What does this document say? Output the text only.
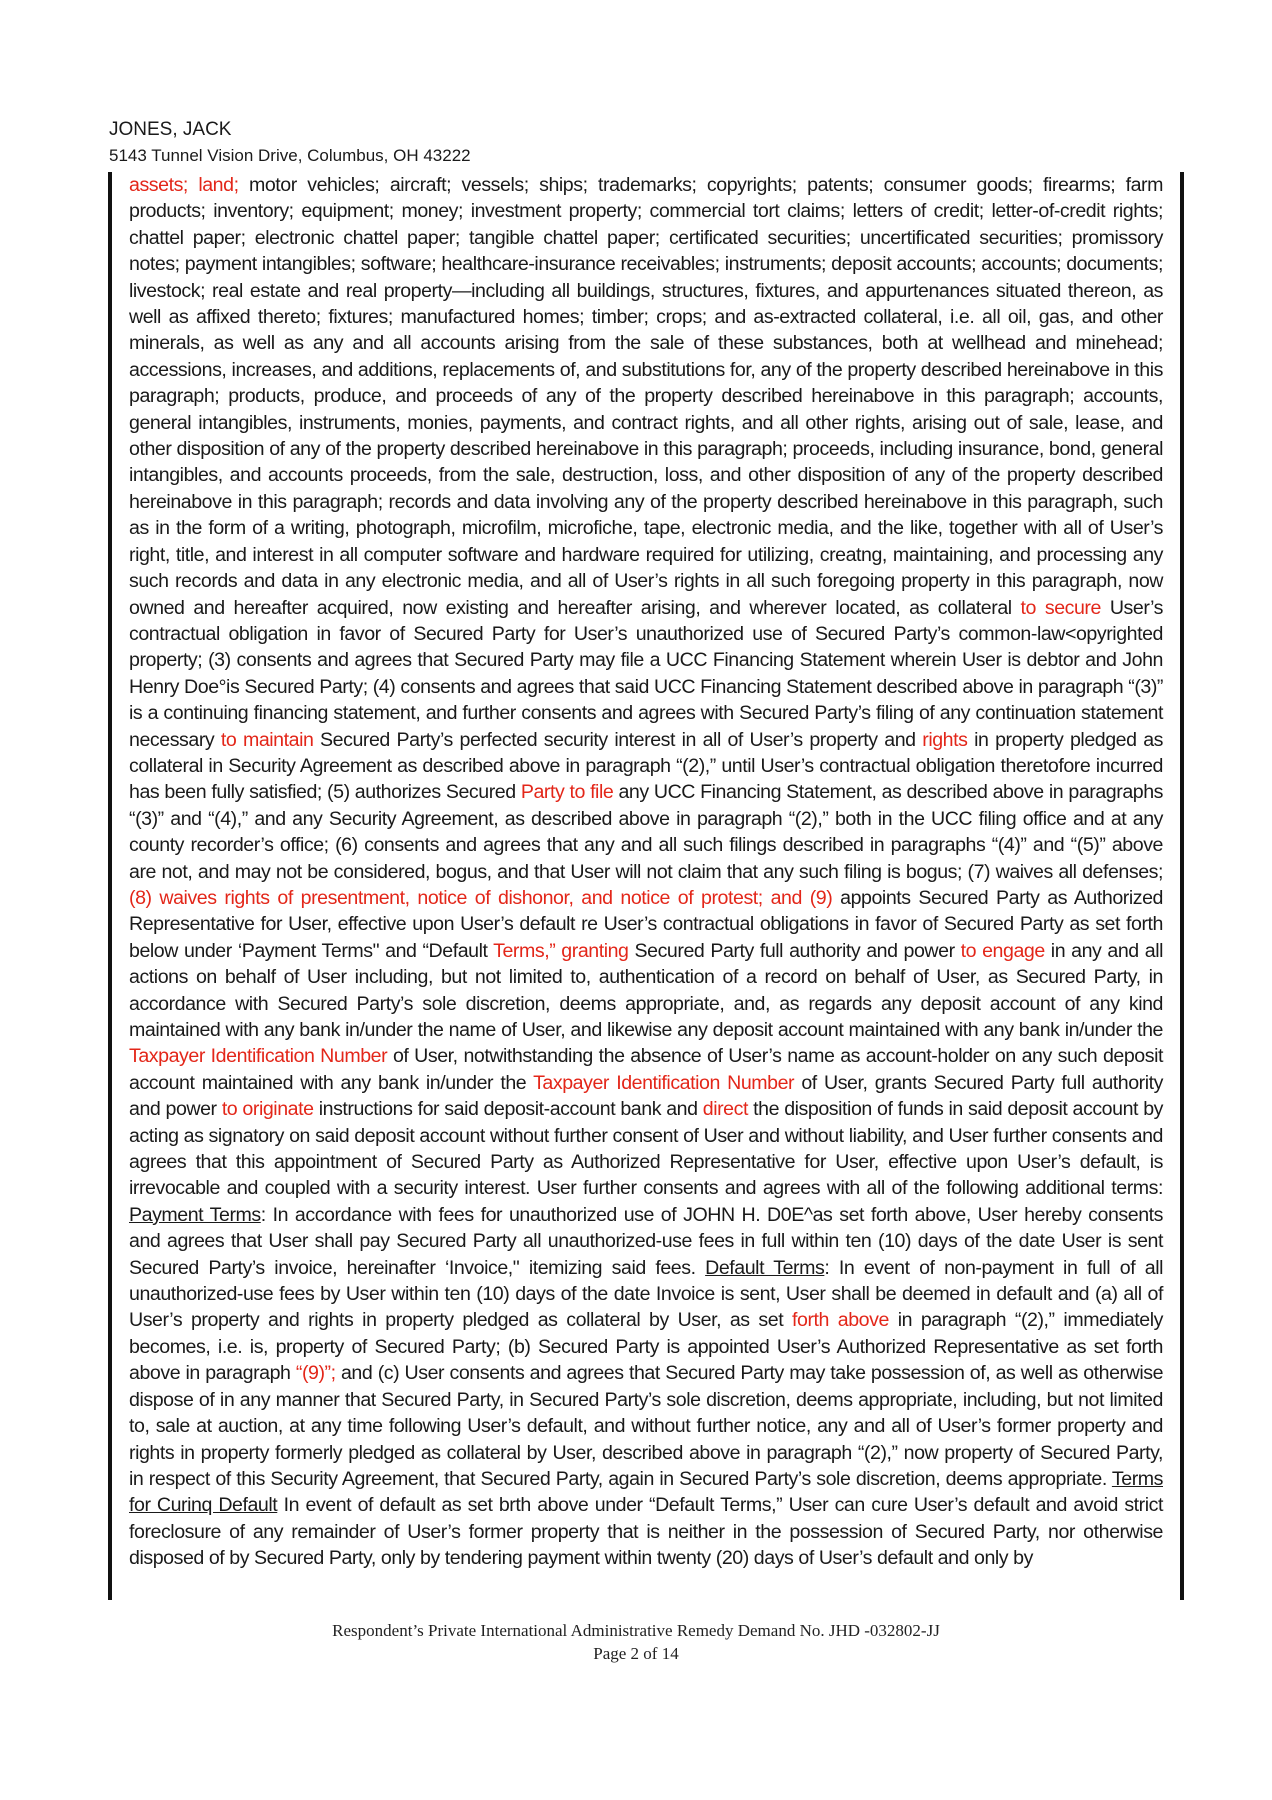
JONES, JACK
5143 Tunnel Vision Drive, Columbus, OH 43222
assets; land; motor vehicles; aircraft; vessels; ships; trademarks; copyrights; patents; consumer goods; firearms; farm products; inventory; equipment; money; investment property; commercial tort claims; letters of credit; letter-of-credit rights; chattel paper; electronic chattel paper; tangible chattel paper; certificated securities; uncertificated securities; promissory notes; payment intangibles; software; healthcare-insurance receivables; instruments; deposit accounts; accounts; documents; livestock; real estate and real property—including all buildings, structures, fixtures, and appurtenances situated thereon, as well as affixed thereto; fixtures; manufactured homes; timber; crops; and as-extracted collateral, i.e. all oil, gas, and other minerals, as well as any and all accounts arising from the sale of these substances, both at wellhead and minehead; accessions, increases, and additions, replacements of, and substitutions for, any of the property described hereinabove in this paragraph; products, produce, and proceeds of any of the property described hereinabove in this paragraph; accounts, general intangibles, instruments, monies, payments, and contract rights, and all other rights, arising out of sale, lease, and other disposition of any of the property described hereinabove in this paragraph; proceeds, including insurance, bond, general intangibles, and accounts proceeds, from the sale, destruction, loss, and other disposition of any of the property described hereinabove in this paragraph; records and data involving any of the property described hereinabove in this paragraph, such as in the form of a writing, photograph, microfilm, microfiche, tape, electronic media, and the like, together with all of User’s right, title, and interest in all computer software and hardware required for utilizing, creatng, maintaining, and processing any such records and data in any electronic media, and all of User’s rights in all such foregoing property in this paragraph, now owned and hereafter acquired, now existing and hereafter arising, and wherever located, as collateral to secure User’s contractual obligation in favor of Secured Party for User’s unauthorized use of Secured Party’s common-law<opyrighted property; (3) consents and agrees that Secured Party may file a UCC Financing Statement wherein User is debtor and John Henry Doe°is Secured Party; (4) consents and agrees that said UCC Financing Statement described above in paragraph “(3)” is a continuing financing statement, and further consents and agrees with Secured Party’s filing of any continuation statement necessary to maintain Secured Party’s perfected security interest in all of User’s property and rights in property pledged as collateral in Security Agreement as described above in paragraph “(2),” until User’s contractual obligation theretofore incurred has been fully satisfied; (5) authorizes Secured Party to file any UCC Financing Statement, as described above in paragraphs “(3)” and “(4),” and any Security Agreement, as described above in paragraph “(2),” both in the UCC filing office and at any county recorder’s office; (6) consents and agrees that any and all such filings described in paragraphs “(4)” and “(5)” above are not, and may not be considered, bogus, and that User will not claim that any such filing is bogus; (7) waives all defenses; (8) waives rights of presentment, notice of dishonor, and notice of protest; and (9) appoints Secured Party as Authorized Representative for User, effective upon User’s default re User’s contractual obligations in favor of Secured Party as set forth below under ‘Payment Terms" and “Default Terms,” granting Secured Party full authority and power to engage in any and all actions on behalf of User including, but not limited to, authentication of a record on behalf of User, as Secured Party, in accordance with Secured Party’s sole discretion, deems appropriate, and, as regards any deposit account of any kind maintained with any bank in/under the name of User, and likewise any deposit account maintained with any bank in/under the Taxpayer Identification Number of User, notwithstanding the absence of User’s name as account-holder on any such deposit account maintained with any bank in/under the Taxpayer Identification Number of User, grants Secured Party full authority and power to originate instructions for said deposit-account bank and direct the disposition of funds in said deposit account by acting as signatory on said deposit account without further consent of User and without liability, and User further consents and agrees that this appointment of Secured Party as Authorized Representative for User, effective upon User’s default, is irrevocable and coupled with a security interest. User further consents and agrees with all of the following additional terms: Payment Terms: In accordance with fees for unauthorized use of JOHN H. D0E^as set forth above, User hereby consents and agrees that User shall pay Secured Party all unauthorized-use fees in full within ten (10) days of the date User is sent Secured Party’s invoice, hereinafter ‘Invoice," itemizing said fees. Default Terms: In event of non-payment in full of all unauthorized-use fees by User within ten (10) days of the date Invoice is sent, User shall be deemed in default and (a) all of User’s property and rights in property pledged as collateral by User, as set forth above in paragraph “(2),” immediately becomes, i.e. is, property of Secured Party; (b) Secured Party is appointed User’s Authorized Representative as set forth above in paragraph “(9)”; and (c) User consents and agrees that Secured Party may take possession of, as well as otherwise dispose of in any manner that Secured Party, in Secured Party’s sole discretion, deems appropriate, including, but not limited to, sale at auction, at any time following User’s default, and without further notice, any and all of User’s former property and rights in property formerly pledged as collateral by User, described above in paragraph “(2),” now property of Secured Party, in respect of this Security Agreement, that Secured Party, again in Secured Party’s sole discretion, deems appropriate. Terms for Curinq Default In event of default as set brth above under “Default Terms,” User can cure User’s default and avoid strict foreclosure of any remainder of User’s former property that is neither in the possession of Secured Party, nor otherwise disposed of by Secured Party, only by tendering payment within twenty (20) days of User’s default and only by
Respondent’s Private International Administrative Remedy Demand No. JHD -032802-JJ
Page 2 of 14
